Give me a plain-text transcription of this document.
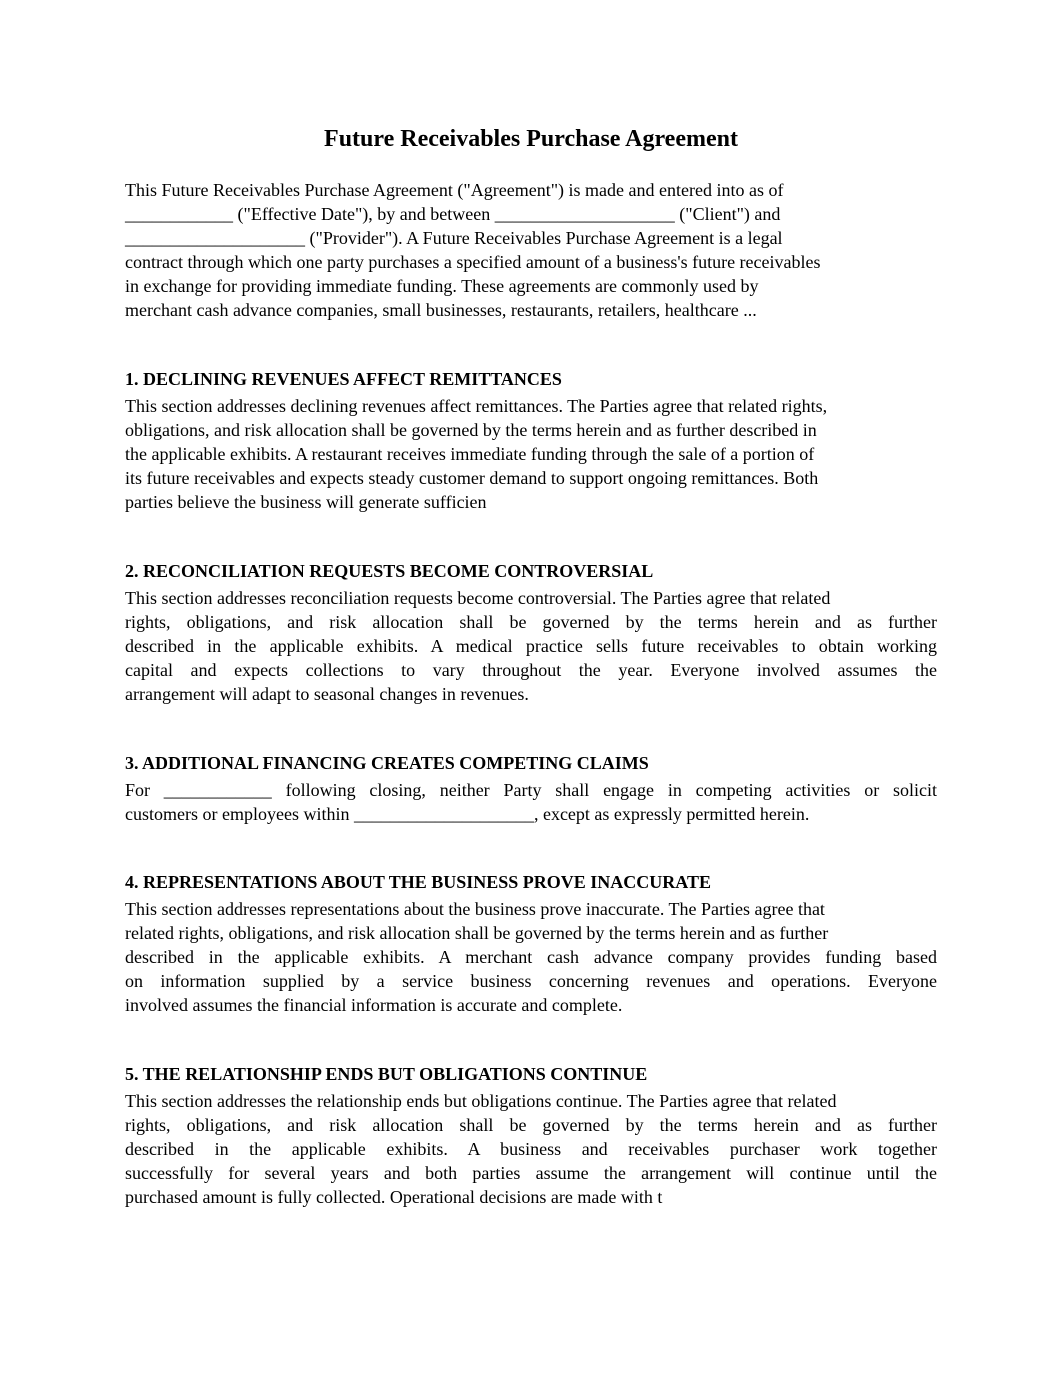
Future Receivables Purchase Agreement

This Future Receivables Purchase Agreement ("Agreement") is made and entered into as of

____________ ("Effective Date"), by and between ____________________ ("Client") and

____________________ ("Provider"). A Future Receivables Purchase Agreement is a legal

contract through which one party purchases a specified amount of a business's future receivables

in exchange for providing immediate funding. These agreements are commonly used by

merchant cash advance companies, small businesses, restaurants, retailers, healthcare ...

1. DECLINING REVENUES AFFECT REMITTANCES

This section addresses declining revenues affect remittances. The Parties agree that related rights,

obligations, and risk allocation shall be governed by the terms herein and as further described in

the applicable exhibits. A restaurant receives immediate funding through the sale of a portion of

its future receivables and expects steady customer demand to support ongoing remittances. Both

parties believe the business will generate sufficien

2. RECONCILIATION REQUESTS BECOME CONTROVERSIAL

This section addresses reconciliation requests become controversial. The Parties agree that related

rights, obligations, and risk allocation shall be governed by the terms herein and as further

described in the applicable exhibits. A medical practice sells future receivables to obtain working

capital and expects collections to vary throughout the year. Everyone involved assumes the

arrangement will adapt to seasonal changes in revenues.

3. ADDITIONAL FINANCING CREATES COMPETING CLAIMS

For ____________ following closing, neither Party shall engage in competing activities or solicit

customers or employees within ____________________, except as expressly permitted herein.

4. REPRESENTATIONS ABOUT THE BUSINESS PROVE INACCURATE

This section addresses representations about the business prove inaccurate. The Parties agree that

related rights, obligations, and risk allocation shall be governed by the terms herein and as further

described in the applicable exhibits. A merchant cash advance company provides funding based

on information supplied by a service business concerning revenues and operations. Everyone

involved assumes the financial information is accurate and complete.

5. THE RELATIONSHIP ENDS BUT OBLIGATIONS CONTINUE

This section addresses the relationship ends but obligations continue. The Parties agree that related

rights, obligations, and risk allocation shall be governed by the terms herein and as further

described in the applicable exhibits. A business and receivables purchaser work together

successfully for several years and both parties assume the arrangement will continue until the

purchased amount is fully collected. Operational decisions are made with t
